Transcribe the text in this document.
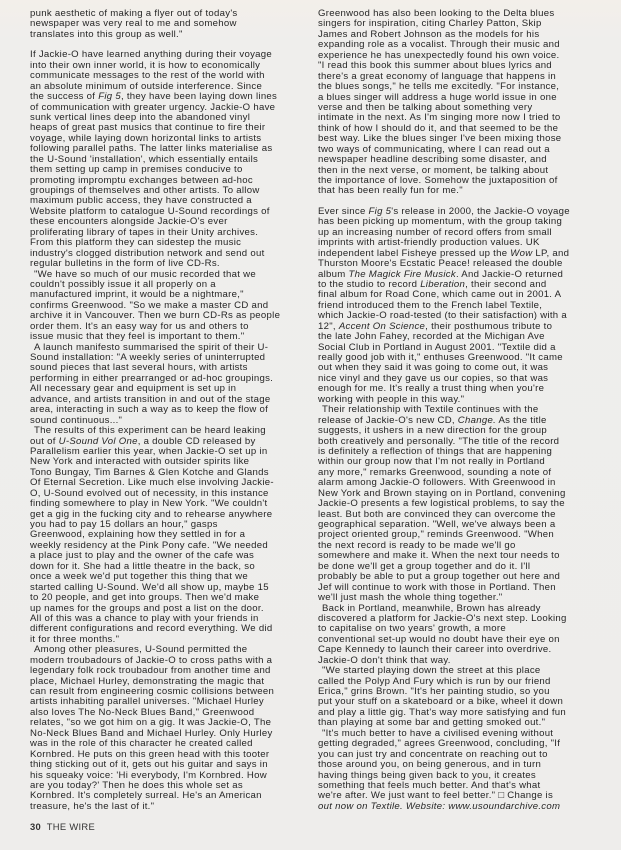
punk aesthetic of making a flyer out of today's
newspaper was very real to me and somehow
translates into this group as well."
If Jackie-O have learned anything during their voyage
into their own inner world, it is how to economically
communicate messages to the rest of the world with
an absolute minimum of outside interference. Since
the success of Fig 5, they have been laying down lines
of communication with greater urgency. Jackie-O have
sunk vertical lines deep into the abandoned vinyl
heaps of great past musics that continue to fire their
voyage, while laying down horizontal links to artists
following parallel paths. The latter links materialise as
the U-Sound 'installation', which essentially entails
them setting up camp in premises conducive to
promoting impromptu exchanges between ad-hoc
groupings of themselves and other artists. To allow
maximum public access, they have constructed a
Website platform to catalogue U-Sound recordings of
these encounters alongside Jackie-O's ever
proliferating library of tapes in their Unity archives.
From this platform they can sidestep the music
industry's clogged distribution network and send out
regular bulletins in the form of live CD-Rs.
"We have so much of our music recorded that we
couldn't possibly issue it all properly on a
manufactured imprint, it would be a nightmare,"
confirms Greenwood. "So we make a master CD and
archive it in Vancouver. Then we burn CD-Rs as people
order them. It's an easy way for us and others to
issue music that they feel is important to them."
A launch manifesto summarised the spirit of their U-
Sound installation: "A weekly series of uninterrupted
sound pieces that last several hours, with artists
performing in either prearranged or ad-hoc groupings.
All necessary gear and equipment is set up in
advance, and artists transition in and out of the stage
area, interacting in such a way as to keep the flow of
sound continuous..."
The results of this experiment can be heard leaking
out of U-Sound Vol One, a double CD released by
Parallelism earlier this year, when Jackie-O set up in
New York and interacted with outsider spirits like
Tono Bungay, Tim Barnes & Glen Kotche and Glands
Of Eternal Secretion. Like much else involving Jackie-
O, U-Sound evolved out of necessity, in this instance
finding somewhere to play in New York. "We couldn't
get a gig in the fucking city and to rehearse anywhere
you had to pay 15 dollars an hour," gasps
Greenwood, explaining how they settled in for a
weekly residency at the Pink Pony cafe. "We needed
a place just to play and the owner of the cafe was
down for it. She had a little theatre in the back, so
once a week we'd put together this thing that we
started calling U-Sound. We'd all show up, maybe 15
to 20 people, and get into groups. Then we'd make
up names for the groups and post a list on the door.
All of this was a chance to play with your friends in
different configurations and record everything. We did
it for three months."
Among other pleasures, U-Sound permitted the
modern troubadours of Jackie-O to cross paths with a
legendary folk rock troubadour from another time and
place, Michael Hurley, demonstrating the magic that
can result from engineering cosmic collisions between
artists inhabiting parallel universes. "Michael Hurley
also loves The No-Neck Blues Band," Greenwood
relates, "so we got him on a gig. It was Jackie-O, The
No-Neck Blues Band and Michael Hurley. Only Hurley
was in the role of this character he created called
Kornbred. He puts on this green head with this tooter
thing sticking out of it, gets out his guitar and says in
his squeaky voice: 'Hi everybody, I'm Kornbred. How
are you today?' Then he does this whole set as
Kornbred. It's completely surreal. He's an American
treasure, he's the last of it."
Greenwood has also been looking to the Delta blues
singers for inspiration, citing Charley Patton, Skip
James and Robert Johnson as the models for his
expanding role as a vocalist. Through their music and
experience he has unexpectedly found his own voice.
"I read this book this summer about blues lyrics and
there's a great economy of language that happens in
the blues songs," he tells me excitedly. "For instance,
a blues singer will address a huge world issue in one
verse and then be talking about something very
intimate in the next. As I'm singing more now I tried to
think of how I should do it, and that seemed to be the
best way. Like the blues singer I've been mixing those
two ways of communicating, where I can read out a
newspaper headline describing some disaster, and
then in the next verse, or moment, be talking about
the importance of love. Somehow the juxtaposition of
that has been really fun for me."
Ever since Fig 5's release in 2000, the Jackie-O voyage
has been picking up momentum, with the group taking
up an increasing number of record offers from small
imprints with artist-friendly production values. UK
independent label Fisheye pressed up the Wow LP, and
Thurston Moore's Ecstatic Peace! released the double
album The Magick Fire Musick. And Jackie-O returned
to the studio to record Liberation, their second and
final album for Road Cone, which came out in 2001. A
friend introduced them to the French label Textile,
which Jackie-O road-tested (to their satisfaction) with a
12", Accent On Science, their posthumous tribute to
the late John Fahey, recorded at the Michigan Ave
Social Club in Portland in August 2001. "Textile did a
really good job with it," enthuses Greenwood. "It came
out when they said it was going to come out, it was
nice vinyl and they gave us our copies, so that was
enough for me. It's really a trust thing when you're
working with people in this way."
Their relationship with Textile continues with the
release of Jackie-O's new CD, Change. As the title
suggests, it ushers in a new direction for the group
both creatively and personally. "The title of the record
is definitely a reflection of things that are happening
within our group now that I'm not really in Portland
any more," remarks Greenwood, sounding a note of
alarm among Jackie-O followers. With Greenwood in
New York and Brown staying on in Portland, convening
Jackie-O presents a few logistical problems, to say the
least. But both are convinced they can overcome the
geographical separation. "Well, we've always been a
project oriented group," reminds Greenwood. "When
the next record is ready to be made we'll go
somewhere and make it. When the next tour needs to
be done we'll get a group together and do it. I'll
probably be able to put a group together out here and
Jef will continue to work with those in Portland. Then
we'll just mash the whole thing together."
Back in Portland, meanwhile, Brown has already
discovered a platform for Jackie-O's next step. Looking
to capitalise on two years' growth, a more
conventional set-up would no doubt have their eye on
Cape Kennedy to launch their career into overdrive.
Jackie-O don't think that way.
"We started playing down the street at this place
called the Polyp And Fury which is run by our friend
Erica," grins Brown. "It's her painting studio, so you
put your stuff on a skateboard or a bike, wheel it down
and play a little gig. That's way more satisfying and fun
than playing at some bar and getting smoked out."
"It's much better to have a civilised evening without
getting degraded," agrees Greenwood, concluding, "If
you can just try and concentrate on reaching out to
those around you, on being generous, and in turn
having things being given back to you, it creates
something that feels much better. And that's what
we're after. We just want to feel better." □ Change is
out now on Textile. Website: www.usoundarchive.com
30 THE WIRE
